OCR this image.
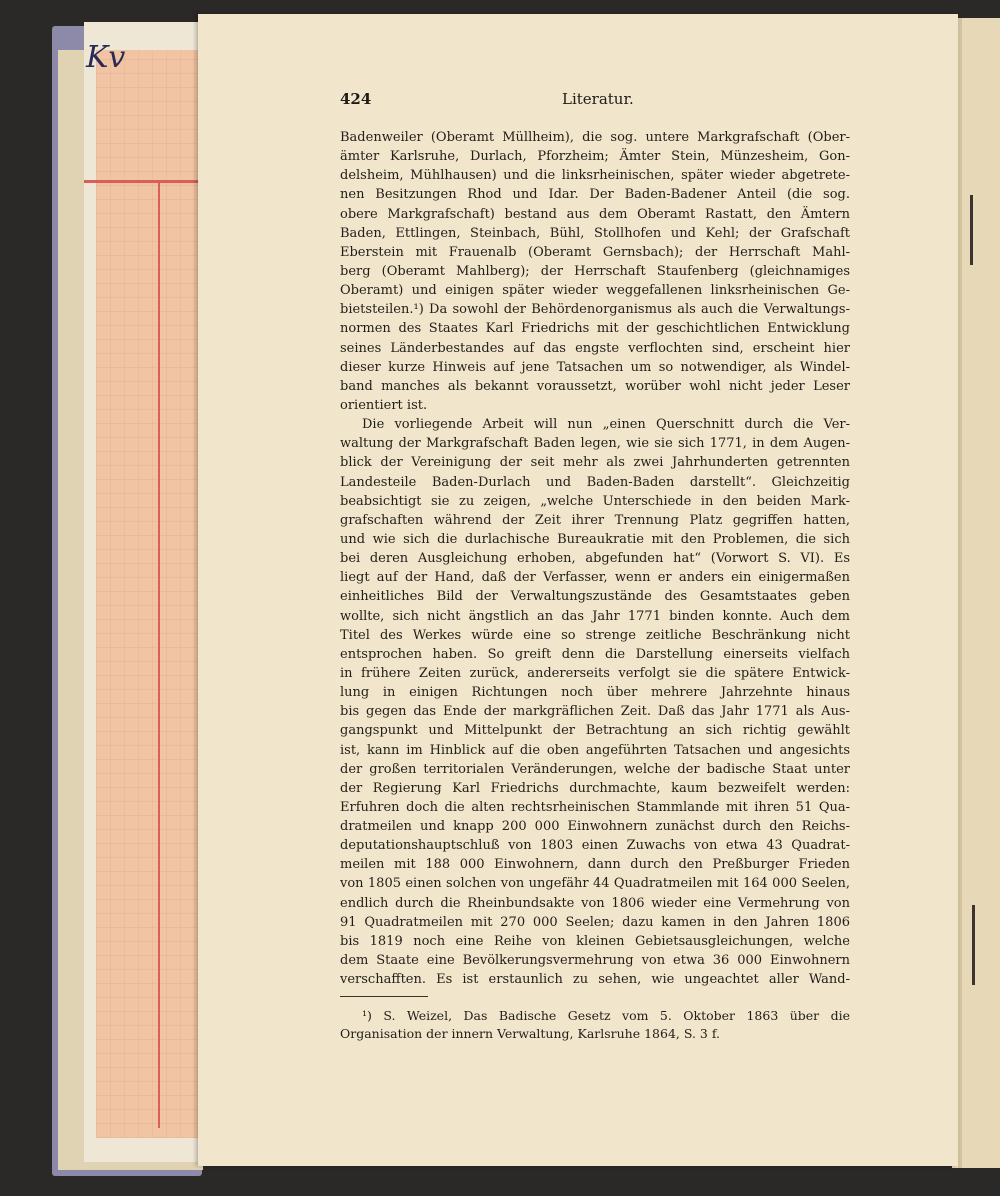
Kv
424	Literatur.
Badenweiler (Oberamt Müllheim), die sog. untere Markgrafschaft (Ober-
ämter Karlsruhe, Durlach, Pforzheim; Ämter Stein, Münzesheim, Gon-
delsheim, Mühlhausen) und die linksrheinischen, später wieder abgetrete-
nen Besitzungen Rhod und Idar. Der Baden-Badener Anteil (die sog.
obere Markgrafschaft) bestand aus dem Oberamt Rastatt, den Ämtern
Baden, Ettlingen, Steinbach, Bühl, Stollhofen und Kehl; der Grafschaft
Eberstein mit Frauenalb (Oberamt Gernsbach); der Herrschaft Mahl-
berg (Oberamt Mahlberg); der Herrschaft Staufenberg (gleichnamiges
Oberamt) und einigen später wieder weggefallenen linksrheinischen Ge-
bietsteilen.¹) Da sowohl der Behördenorganismus als auch die Verwaltungs-
normen des Staates Karl Friedrichs mit der geschichtlichen Entwicklung
seines Länderbestandes auf das engste verflochten sind, erscheint hier
dieser kurze Hinweis auf jene Tatsachen um so notwendiger, als Windel-
band manches als bekannt voraussetzt, worüber wohl nicht jeder Leser
orientiert ist.
Die vorliegende Arbeit will nun „einen Querschnitt durch die Ver-
waltung der Markgrafschaft Baden legen, wie sie sich 1771, in dem Augen-
blick der Vereinigung der seit mehr als zwei Jahrhunderten getrennten
Landesteile Baden-Durlach und Baden-Baden darstellt“. Gleichzeitig
beabsichtigt sie zu zeigen, „welche Unterschiede in den beiden Mark-
grafschaften während der Zeit ihrer Trennung Platz gegriffen hatten,
und wie sich die durlachische Bureaukratie mit den Problemen, die sich
bei deren Ausgleichung erhoben, abgefunden hat“ (Vorwort S. VI). Es
liegt auf der Hand, daß der Verfasser, wenn er anders ein einigermaßen
einheitliches Bild der Verwaltungszustände des Gesamtstaates geben
wollte, sich nicht ängstlich an das Jahr 1771 binden konnte. Auch dem
Titel des Werkes würde eine so strenge zeitliche Beschränkung nicht
entsprochen haben. So greift denn die Darstellung einerseits vielfach
in frühere Zeiten zurück, andererseits verfolgt sie die spätere Entwick-
lung in einigen Richtungen noch über mehrere Jahrzehnte hinaus
bis gegen das Ende der markgräflichen Zeit. Daß das Jahr 1771 als Aus-
gangspunkt und Mittelpunkt der Betrachtung an sich richtig gewählt
ist, kann im Hinblick auf die oben angeführten Tatsachen und angesichts
der großen territorialen Veränderungen, welche der badische Staat unter
der Regierung Karl Friedrichs durchmachte, kaum bezweifelt werden:
Erfuhren doch die alten rechtsrheinischen Stammlande mit ihren 51 Qua-
dratmeilen und knapp 200 000 Einwohnern zunächst durch den Reichs-
deputationshauptschluß von 1803 einen Zuwachs von etwa 43 Quadrat-
meilen mit 188 000 Einwohnern, dann durch den Preßburger Frieden
von 1805 einen solchen von ungefähr 44 Quadratmeilen mit 164 000 Seelen,
endlich durch die Rheinbundsakte von 1806 wieder eine Vermehrung von
91 Quadratmeilen mit 270 000 Seelen; dazu kamen in den Jahren 1806
bis 1819 noch eine Reihe von kleinen Gebietsausgleichungen, welche
dem Staate eine Bevölkerungsvermehrung von etwa 36 000 Einwohnern
verschafften. Es ist erstaunlich zu sehen, wie ungeachtet aller Wand-
¹) S. Weizel, Das Badische Gesetz vom 5. Oktober 1863 über die
Organisation der innern Verwaltung, Karlsruhe 1864, S. 3 f.
